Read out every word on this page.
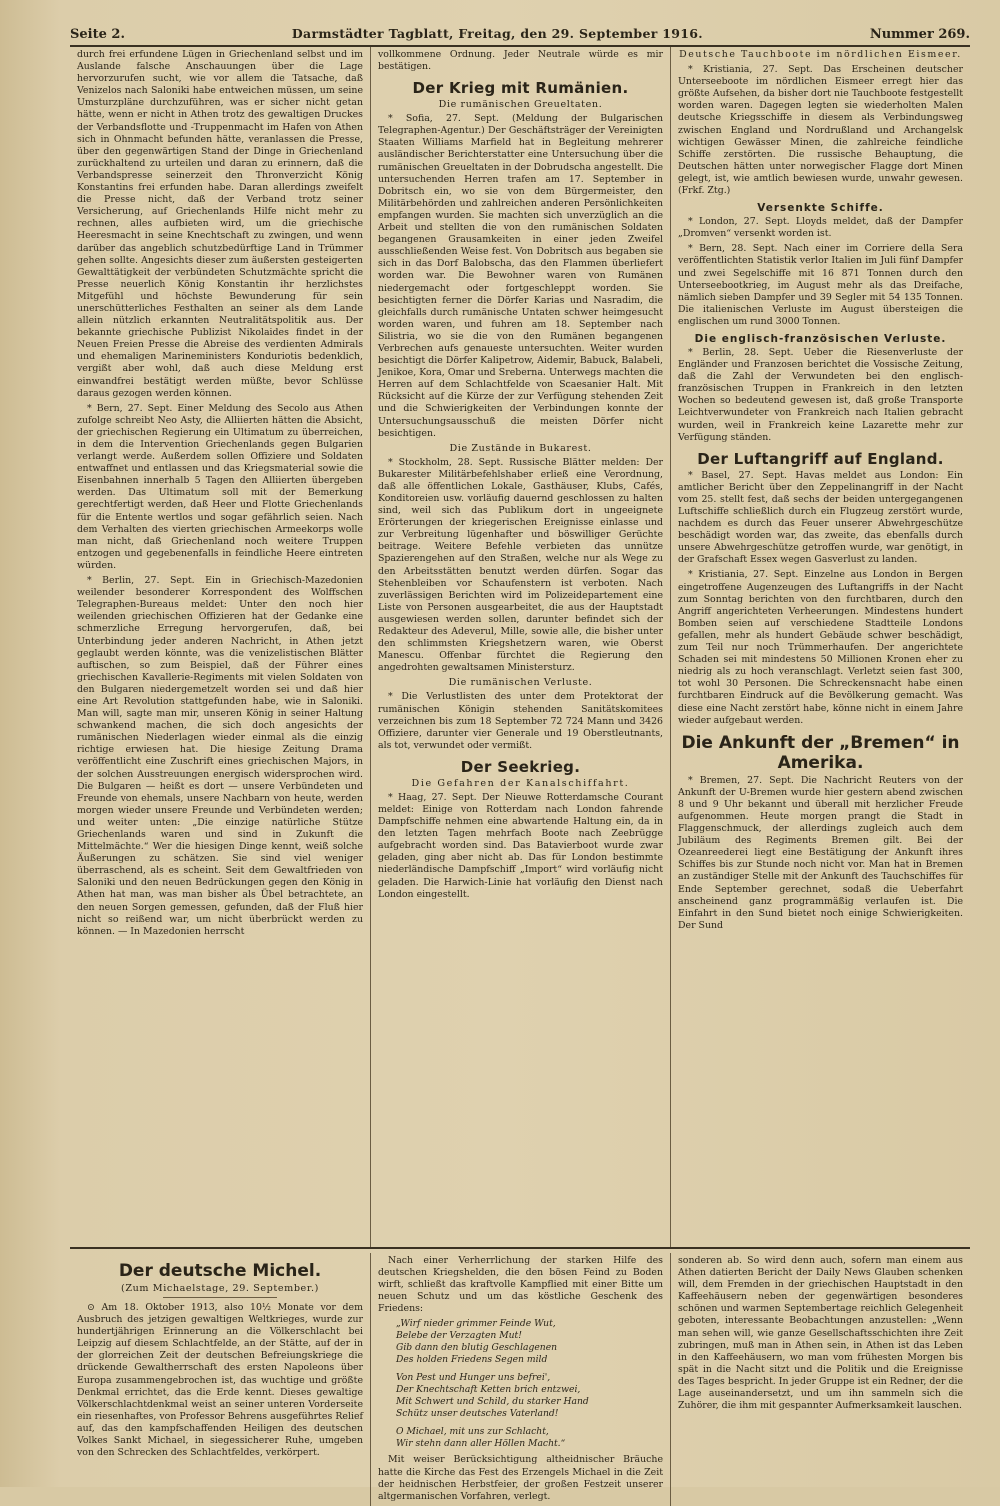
Seite 2.	Darmstädter Tagblatt, Freitag, den 29. September 1916.	Nummer 269.

durch frei erfundene Lügen in Griechenland selbst und im Auslande falsche Anschauungen über die Lage hervorzurufen sucht, wie vor allem die Tatsache, daß Venizelos nach Saloniki habe entweichen müssen, um seine Umsturzpläne durchzuführen, was er sicher nicht getan hätte, wenn er nicht in Athen trotz des gewaltigen Druckes der Verbandsflotte und -Truppenmacht im Hafen von Athen sich in Ohnmacht befunden hätte, veranlassen die Presse, über den gegenwärtigen Stand der Dinge in Griechenland zurückhaltend zu urteilen und daran zu erinnern, daß die Verbandspresse seinerzeit den Thronverzicht König Konstantins frei erfunden habe. Daran allerdings zweifelt die Presse nicht, daß der Verband trotz seiner Versicherung, auf Griechenlands Hilfe nicht mehr zu rechnen, alles aufbieten wird, um die griechische Heeresmacht in seine Knechtschaft zu zwingen, und wenn darüber das angeblich schutzbedürftige Land in Trümmer gehen sollte. Angesichts dieser zum äußersten gesteigerten Gewalttätigkeit der verbündeten Schutzmächte spricht die Presse neuerlich König Konstantin ihr herzlichstes Mitgefühl und höchste Bewunderung für sein unerschütterliches Festhalten an seiner als dem Lande allein nützlich erkannten Neutralitätspolitik aus. Der bekannte griechische Publizist Nikolaides findet in der Neuen Freien Presse die Abreise des verdienten Admirals und ehemaligen Marineministers Konduriotis bedenklich, vergißt aber wohl, daß auch diese Meldung erst einwandfrei bestätigt werden müßte, bevor Schlüsse daraus gezogen werden können.

* Bern, 27. Sept. Einer Meldung des Secolo aus Athen zufolge schreibt Neo Asty, die Alliierten hätten die Absicht, der griechischen Regierung ein Ultimatum zu überreichen, in dem die Intervention Griechenlands gegen Bulgarien verlangt werde. Außerdem sollen Offiziere und Soldaten entwaffnet und entlassen und das Kriegsmaterial sowie die Eisenbahnen innerhalb 5 Tagen den Alliierten übergeben werden. Das Ultimatum soll mit der Bemerkung gerechtfertigt werden, daß Heer und Flotte Griechenlands für die Entente wertlos und sogar gefährlich seien. Nach dem Verhalten des vierten griechischen Armeekorps wolle man nicht, daß Griechenland noch weitere Truppen entzogen und gegebenenfalls in feindliche Heere eintreten würden.

* Berlin, 27. Sept. Ein in Griechisch-Mazedonien weilender besonderer Korrespondent des Wolffschen Telegraphen-Bureaus meldet: Unter den noch hier weilenden griechischen Offizieren hat der Gedanke eine schmerzliche Erregung hervorgerufen, daß, bei Unterbindung jeder anderen Nachricht, in Athen jetzt geglaubt werden könnte, was die venizelistischen Blätter auftischen, so zum Beispiel, daß der Führer eines griechischen Kavallerie-Regiments mit vielen Soldaten von den Bulgaren niedergemetzelt worden sei und daß hier eine Art Revolution stattgefunden habe, wie in Saloniki. Man will, sagte man mir, unseren König in seiner Haltung schwankend machen, die sich doch angesichts der rumänischen Niederlagen wieder einmal als die einzig richtige erwiesen hat. Die hiesige Zeitung Drama veröffentlicht eine Zuschrift eines griechischen Majors, in der solchen Ausstreuungen energisch widersprochen wird. Die Bulgaren — heißt es dort — unsere Verbündeten und Freunde von ehemals, unsere Nachbarn von heute, werden morgen wieder unsere Freunde und Verbündeten werden; und weiter unten: „Die einzige natürliche Stütze Griechenlands waren und sind in Zukunft die Mittelmächte.“ Wer die hiesigen Dinge kennt, weiß solche Äußerungen zu schätzen. Sie sind viel weniger überraschend, als es scheint. Seit dem Gewaltfrieden von Saloniki und den neuen Bedrückungen gegen den König in Athen hat man, was man bisher als Übel betrachtete, an den neuen Sorgen gemessen, gefunden, daß der Fluß hier nicht so reißend war, um nicht überbrückt werden zu können. — In Mazedonien herrscht

vollkommene Ordnung. Jeder Neutrale würde es mir bestätigen.

Der Krieg mit Rumänien.
Die rumänischen Greueltaten.

* Sofia, 27. Sept. (Meldung der Bulgarischen Telegraphen-Agentur.) Der Geschäftsträger der Vereinigten Staaten Williams Marfield hat in Begleitung mehrerer ausländischer Berichterstatter eine Untersuchung über die rumänischen Greueltaten in der Dobrudscha angestellt. Die untersuchenden Herren trafen am 17. September in Dobritsch ein, wo sie von dem Bürgermeister, den Militärbehörden und zahlreichen anderen Persönlichkeiten empfangen wurden. Sie machten sich unverzüglich an die Arbeit und stellten die von den rumänischen Soldaten begangenen Grausamkeiten in einer jeden Zweifel ausschließenden Weise fest. Von Dobritsch aus begaben sie sich in das Dorf Balobscha, das den Flammen überliefert worden war. Die Bewohner waren von Rumänen niedergemacht oder fortgeschleppt worden. Sie besichtigten ferner die Dörfer Karias und Nasradim, die gleichfalls durch rumänische Untaten schwer heimgesucht worden waren, und fuhren am 18. September nach Silistria, wo sie die von den Rumänen begangenen Verbrechen aufs genaueste untersuchten. Weiter wurden besichtigt die Dörfer Kalipetrow, Aidemir, Babuck, Balabeli, Jenikoe, Kora, Omar und Srebernа. Unterwegs machten die Herren auf dem Schlachtfelde von Scaesanier Halt. Mit Rücksicht auf die Kürze der zur Verfügung stehenden Zeit und die Schwierigkeiten der Verbindungen konnte der Untersuchungsausschuß die meisten Dörfer nicht besichtigen.

Die Zustände in Bukarest.

* Stockholm, 28. Sept. Russische Blätter melden: Der Bukarester Militärbefehlshaber erließ eine Verordnung, daß alle öffentlichen Lokale, Gasthäuser, Klubs, Cafés, Konditoreien usw. vorläufig dauernd geschlossen zu halten sind, weil sich das Publikum dort in ungeeignete Erörterungen der kriegerischen Ereignisse einlasse und zur Verbreitung lügenhafter und böswilliger Gerüchte beitrage. Weitere Befehle verbieten das unnütze Spazierengehen auf den Straßen, welche nur als Wege zu den Arbeitsstätten benutzt werden dürfen. Sogar das Stehenbleiben vor Schaufenstern ist verboten. Nach zuverlässigen Berichten wird im Polizeidepartement eine Liste von Personen ausgearbeitet, die aus der Hauptstadt ausgewiesen werden sollen, darunter befindet sich der Redakteur des Adeverul, Mille, sowie alle, die bisher unter den schlimmsten Kriegshetzern waren, wie Oberst Manescu. Offenbar fürchtet die Regierung den angedrohten gewaltsamen Ministersturz.

Die rumänischen Verluste.

* Die Verlustlisten des unter dem Protektorat der rumänischen Königin stehenden Sanitätskomitees verzeichnen bis zum 18 September 72 724 Mann und 3426 Offiziere, darunter vier Generale und 19 Oberstleutnants, als tot, verwundet oder vermißt.

Der Seekrieg.
Die Gefahren der Kanalschiffahrt.

* Haag, 27. Sept. Der Nieuwe Rotterdamsche Courant meldet: Einige von Rotterdam nach London fahrende Dampfschiffe nehmen eine abwartende Haltung ein, da in den letzten Tagen mehrfach Boote nach Zeebrügge aufgebracht worden sind. Das Batavierboot wurde zwar geladen, ging aber nicht ab. Das für London bestimmte niederländische Dampfschiff „Import“ wird vorläufig nicht geladen. Die Harwich-Linie hat vorläufig den Dienst nach London eingestellt.

Deutsche Tauchboote im nördlichen Eismeer.

* Kristiania, 27. Sept. Das Erscheinen deutscher Unterseeboote im nördlichen Eismeer erregt hier das größte Aufsehen, da bisher dort nie Tauchboote festgestellt worden waren. Dagegen legten sie wiederholten Malen deutsche Kriegsschiffe in diesem als Verbindungsweg zwischen England und Nordrußland und Archangelsk wichtigen Gewässer Minen, die zahlreiche feindliche Schiffe zerstörten. Die russische Behauptung, die Deutschen hätten unter norwegischer Flagge dort Minen gelegt, ist, wie amtlich bewiesen wurde, unwahr gewesen. (Frkf. Ztg.)

Versenkte Schiffe.

* London, 27. Sept. Lloyds meldet, daß der Dampfer „Dromven“ versenkt worden ist.

* Bern, 28. Sept. Nach einer im Corriere della Sera veröffentlichten Statistik verlor Italien im Juli fünf Dampfer und zwei Segelschiffe mit 16 871 Tonnen durch den Unterseebootkrieg, im August mehr als das Dreifache, nämlich sieben Dampfer und 39 Segler mit 54 135 Tonnen. Die italienischen Verluste im August übersteigen die englischen um rund 3000 Tonnen.

Die englisch-französischen Verluste.

* Berlin, 28. Sept. Ueber die Riesenverluste der Engländer und Franzosen berichtet die Vossische Zeitung, daß die Zahl der Verwundeten bei den englisch-französischen Truppen in Frankreich in den letzten Wochen so bedeutend gewesen ist, daß große Transporte Leichtverwundeter von Frankreich nach Italien gebracht wurden, weil in Frankreich keine Lazarette mehr zur Verfügung ständen.

Der Luftangriff auf England.

* Basel, 27. Sept. Havas meldet aus London: Ein amtlicher Bericht über den Zeppelinangriff in der Nacht vom 25. stellt fest, daß sechs der beiden untergegangenen Luftschiffe schließlich durch ein Flugzeug zerstört wurde, nachdem es durch das Feuer unserer Abwehrgeschütze beschädigt worden war, das zweite, das ebenfalls durch unsere Abwehrgeschütze getroffen wurde, war genötigt, in der Grafschaft Essex wegen Gasverlust zu landen.

* Kristiania, 27. Sept. Einzelne aus London in Bergen eingetroffene Augenzeugen des Luftangriffs in der Nacht zum Sonntag berichten von den furchtbaren, durch den Angriff angerichteten Verheerungen. Mindestens hundert Bomben seien auf verschiedene Stadtteile Londons gefallen, mehr als hundert Gebäude schwer beschädigt, zum Teil nur noch Trümmerhaufen. Der angerichtete Schaden sei mit mindestens 50 Millionen Kronen eher zu niedrig als zu hoch veranschlagt. Verletzt seien fast 300, tot wohl 30 Personen. Die Schreckensnacht habe einen furchtbaren Eindruck auf die Bevölkerung gemacht. Was diese eine Nacht zerstört habe, könne nicht in einem Jahre wieder aufgebaut werden.

Die Ankunft der „Bremen“ in Amerika.

* Bremen, 27. Sept. Die Nachricht Reuters von der Ankunft der U-Bremen wurde hier gestern abend zwischen 8 und 9 Uhr bekannt und überall mit herzlicher Freude aufgenommen. Heute morgen prangt die Stadt in Flaggenschmuck, der allerdings zugleich auch dem Jubiläum des Regiments Bremen gilt. Bei der Ozeanreederei liegt eine Bestätigung der Ankunft ihres Schiffes bis zur Stunde noch nicht vor. Man hat in Bremen an zuständiger Stelle mit der Ankunft des Tauchschiffes für Ende September gerechnet, sodaß die Ueberfahrt anscheinend ganz programmäßig verlaufen ist. Die Einfahrt in den Sund bietet noch einige Schwierigkeiten. Der Sund

Der deutsche Michel.
(Zum Michaelstage, 29. September.)

⊙ Am 18. Oktober 1913, also 10½ Monate vor dem Ausbruch des jetzigen gewaltigen Weltkrieges, wurde zur hundertjährigen Erinnerung an die Völkerschlacht bei Leipzig auf diesem Schlachtfelde, an der Stätte, auf der in der glorreichen Zeit der deutschen Befreiungskriege die drückende Gewaltherrschaft des ersten Napoleons über Europa zusammengebrochen ist, das wuchtige und größte Denkmal errichtet, das die Erde kennt. Dieses gewaltige Völkerschlachtdenkmal weist an seiner unteren Vorderseite ein riesenhaftes, von Professor Behrens ausgeführtes Relief auf, das den kampfschaffenden Heiligen des deutschen Volkes Sankt Michael, in siegessicherer Ruhe, umgeben von den Schrecken des Schlachtfeldes, verkörpert.

Nach einer Verherrlichung der starken Hilfe des deutschen Kriegshelden, die den bösen Feind zu Boden wirft, schließt das kraftvolle Kampflied mit einer Bitte um neuen Schutz und um das köstliche Geschenk des Friedens:

„Wirf nieder grimmer Feinde Wut,
Belebe der Verzagten Mut!
Gib dann den blutig Geschlagenen
Des holden Friedens Segen mild
Von Pest und Hunger uns befrei',
Der Knechtschaft Ketten brich entzwei,
Mit Schwert und Schild, du starker Hand
Schütz unser deutsches Vaterland!
O Michael, mit uns zur Schlacht,
Wir stehn dann aller Höllen Macht.“

Mit weiser Berücksichtigung altheidnischer Bräuche hatte die Kirche das Fest des Erzengels Michael in die Zeit der heidnischen Herbstfeier, der großen Festzeit unserer altgermanischen Vorfahren, verlegt.

sonderen ab. So wird denn auch, sofern man einem aus Athen datierten Bericht der Daily News Glauben schenken will, dem Fremden in der griechischen Hauptstadt in den Kaffeehäusern neben der gegenwärtigen besonderes schönen und warmen Septembertage reichlich Gelegenheit geboten, interessante Beobachtungen anzustellen: „Wenn man sehen will, wie ganze Gesellschaftsschichten ihre Zeit zubringen, muß man in Athen sein, in Athen ist das Leben in den Kaffeehäusern, wo man vom frühesten Morgen bis spät in die Nacht sitzt und die Politik und die Ereignisse des Tages bespricht. In jeder Gruppe ist ein Redner, der die Lage auseinandersetzt, und um ihn sammeln sich die Zuhörer, die ihm mit gespannter Aufmerksamkeit lauschen.
